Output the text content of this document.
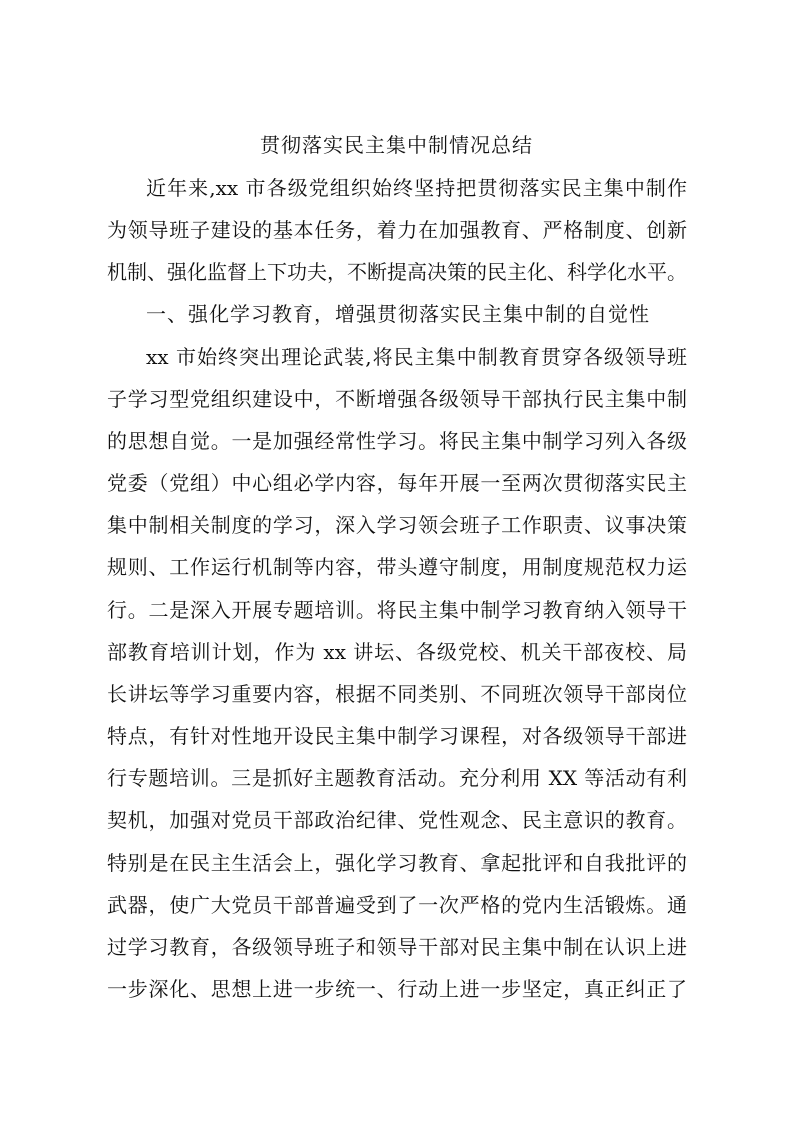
贯彻落实民主集中制情况总结
近年来,xx 市各级党组织始终坚持把贯彻落实民主集中制作
为领导班子建设的基本任务，着力在加强教育、严格制度、创新
机制、强化监督上下功夫，不断提高决策的民主化、科学化水平。
一、强化学习教育，增强贯彻落实民主集中制的自觉性
xx 市始终突出理论武装,将民主集中制教育贯穿各级领导班
子学习型党组织建设中，不断增强各级领导干部执行民主集中制
的思想自觉。一是加强经常性学习。将民主集中制学习列入各级
党委（党组）中心组必学内容，每年开展一至两次贯彻落实民主
集中制相关制度的学习，深入学习领会班子工作职责、议事决策
规则、工作运行机制等内容，带头遵守制度，用制度规范权力运
行。二是深入开展专题培训。将民主集中制学习教育纳入领导干
部教育培训计划，作为 xx 讲坛、各级党校、机关干部夜校、局
长讲坛等学习重要内容，根据不同类别、不同班次领导干部岗位
特点，有针对性地开设民主集中制学习课程，对各级领导干部进
行专题培训。三是抓好主题教育活动。充分利用 XX 等活动有利
契机，加强对党员干部政治纪律、党性观念、民主意识的教育。
特别是在民主生活会上，强化学习教育、拿起批评和自我批评的
武器，使广大党员干部普遍受到了一次严格的党内生活锻炼。通
过学习教育，各级领导班子和领导干部对民主集中制在认识上进
一步深化、思想上进一步统一、行动上进一步坚定，真正纠正了
